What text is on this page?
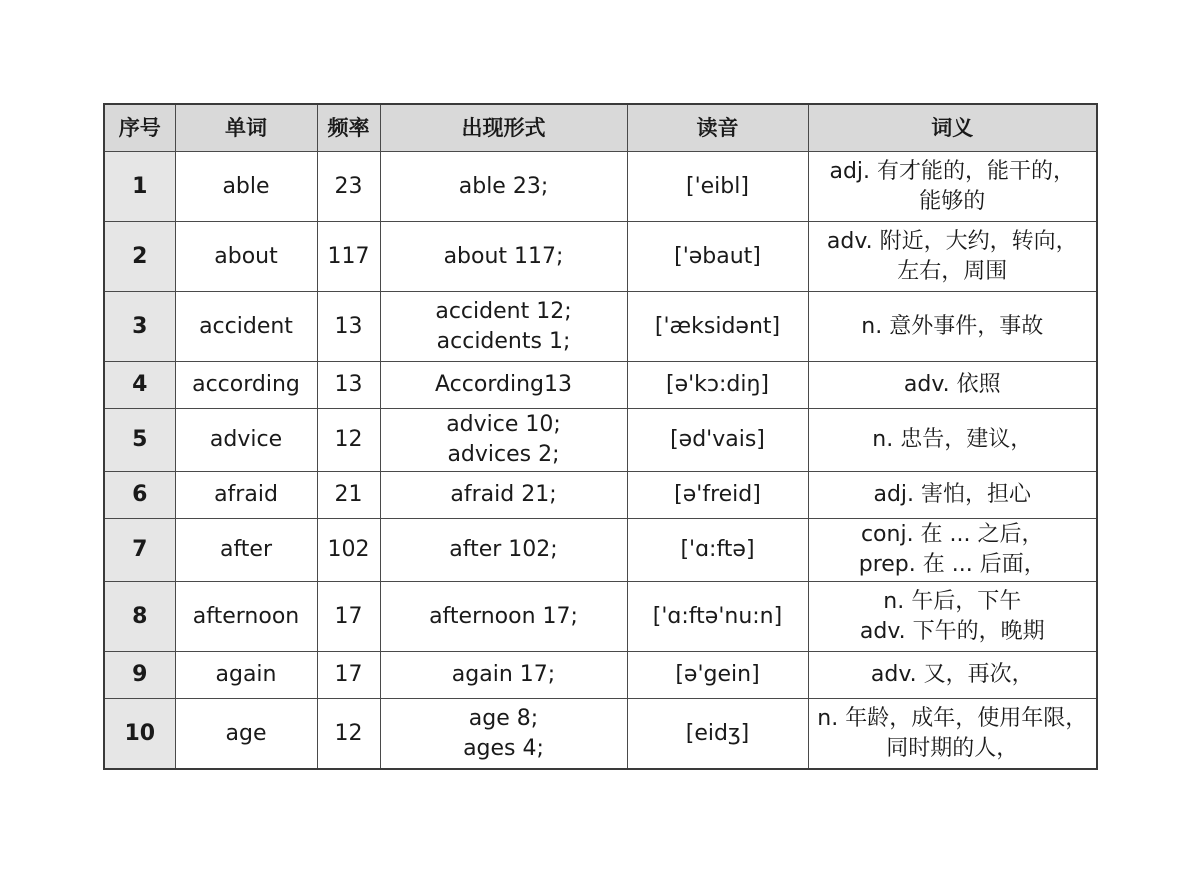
序号	单词	频率	出现形式	读音	词义
1	able	23	able 23;	['eibl]	adj. 有才能的，能干的，
能够的

2	about	117	about 117;	['əbaut]	adv. 附近，大约，转向，
左右，周围

3	accident	13	accident 12;
accidents 1;	['æksidənt]	n. 意外事件，事故

4	according	13	According13	[ə'kɔ:diŋ]	adv. 依照

5	advice	12	advice 10;
advices 2;	[əd'vais]	n. 忠告，建议，

6	afraid	21	afraid 21;	[ə'freid]	adj. 害怕，担心

7	after	102	after 102;	['ɑ:ftə]	conj. 在 ... 之后，
prep. 在 ... 后面，

8	afternoon	17	afternoon 17;	['ɑ:ftə'nu:n]	n. 午后，下午
adv. 下午的，晚期

9	again	17	again 17;	[ə'gein]	adv. 又，再次，

10	age	12	age 8;
ages 4;	[eidʒ]	n. 年龄，成年，使用年限，
同时期的人，
